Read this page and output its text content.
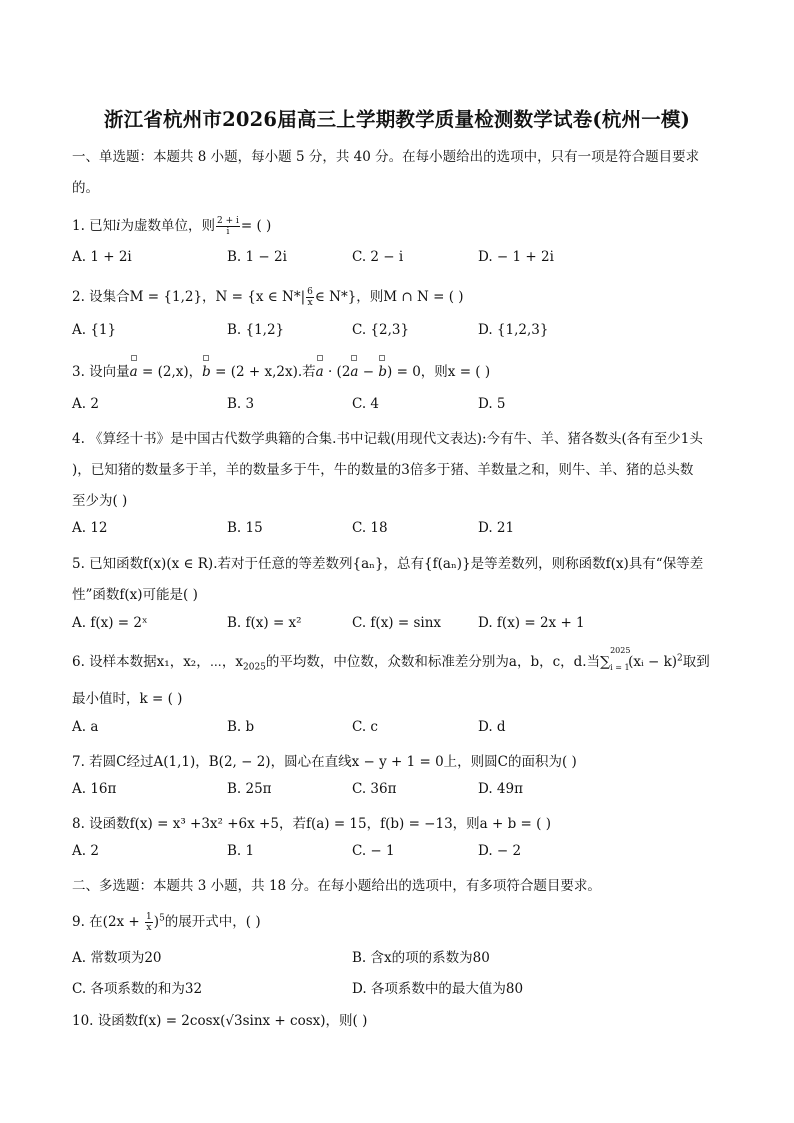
浙江省杭州市2026届高三上学期教学质量检测数学试卷(杭州一模)
一、单选题：本题共 8 小题，每小题 5 分，共 40 分。在每小题给出的选项中，只有一项是符合题目要求
的。
1. 已知i为虚数单位，则 $\frac{2 + i}{i}$ = ( )
A. 1 + 2i	B. 1 − 2i	C. 2 − i	D. − 1 + 2i
2. 设集合M = {1,2}，N = {x ∈ $N*| \frac{6}{x}$ ∈ N*}，则M ∩ N = ( )
A. {1}	B. {1,2}	C. {2,3}	D. {1,2,3}
3. 设向量
a = (2,x)，
b = (2 + x,2x).若
a · (2
a −
b) = 0，则x = ( )
A. 2	B. 3	C. 4	D. 5
4. 《算经十书》是中国古代数学典籍的合集.书中记载(用现代文表达):今有牛、羊、猪各数头(各有至少1头
)，已知猪的数量多于羊，羊的数量多于牛，牛的数量的3倍多于猪、羊数量之和，则牛、羊、猪的总头数
至少为( )
A. 12	B. 15	C. 18	D. 21
5. 已知函数f(x)(x ∈ R).若对于任意的等差数列{aₙ}，总有{f(aₙ)}是等差数列，则称函数f(x)具有“保等差
性”函数f(x)可能是( )
A. f(x) = 2ˣ	B. f(x) = x²	C. f(x) = sinx	D. f(x) = 2x + 1
6. 设样本数据x₁，x₂，⋯，$x_{2025}$的平均数，中位数，众数和标准差分别为a，b，c，d.当∑
2025
i = 1
(xᵢ − k)$^2$取到
最小值时，k = ( )
A. a	B. b	C. c	D. d
7. 若圆C经过A(1,1)，B(2, − 2)，圆心在直线x − y + 1 = 0上，则圆C的面积为( )
A. 16π	B. 25π	C. 36π	D. 49π
8. 设函数f(x) = x³ +3x² +6x +5，若f(a) = 15，f(b) = −13，则a + b = ( )
A. 2	B. 1	C. − 1	D. − 2
二、多选题：本题共 3 小题，共 18 分。在每小题给出的选项中，有多项符合题目要求。
9. 在$(2x + \frac{1}{x} )^5$的展开式中，( )
A. 常数项为20	B. 含x的项的系数为80
C. 各项系数的和为32	D. 各项系数中的最大值为80
10. 设函数f(x) = 2cosx(√3sinx + cosx)，则( )
